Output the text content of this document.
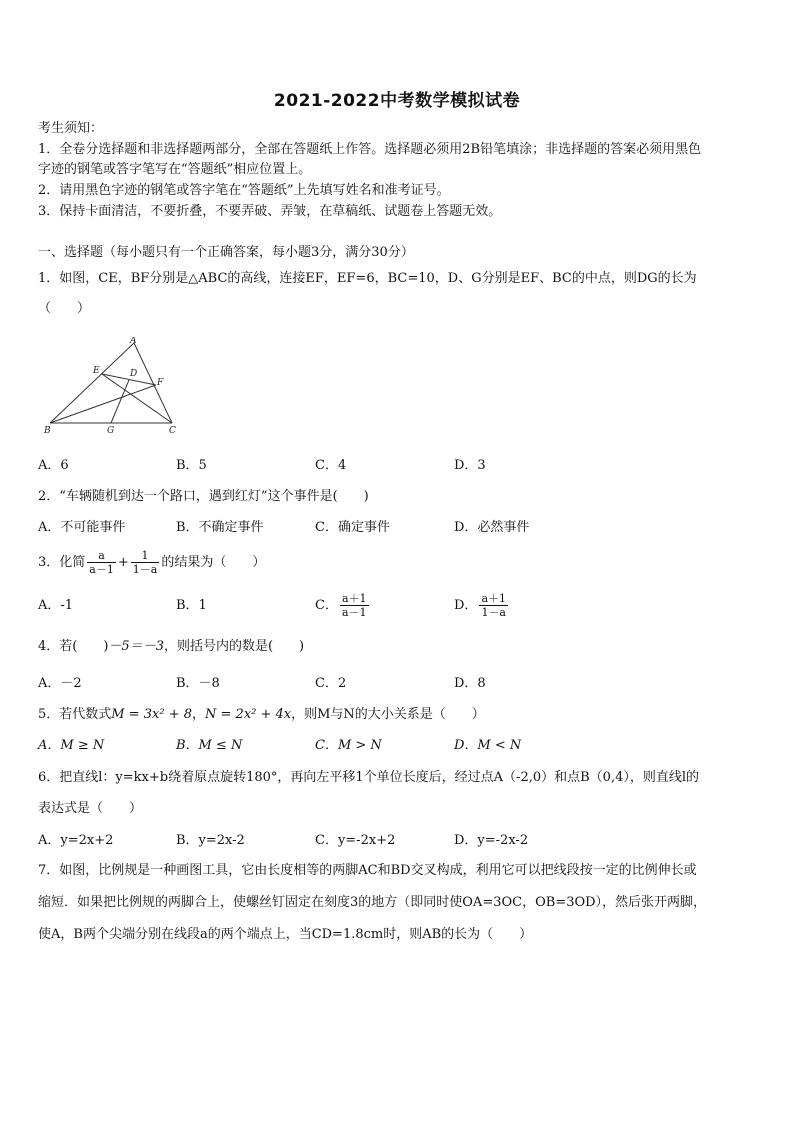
2021-2022中考数学模拟试卷
考生须知：
1．全卷分选择题和非选择题两部分，全部在答题纸上作答。选择题必须用2B铅笔填涂；非选择题的答案必须用黑色
字迹的钢笔或答字笔写在“答题纸”相应位置上。
2．请用黑色字迹的钢笔或答字笔在“答题纸”上先填写姓名和准考证号。
3．保持卡面清洁，不要折叠，不要弄破、弄皱，在草稿纸、试题卷上答题无效。
一、选择题（每小题只有一个正确答案，每小题3分，满分30分）
1．如图，CE，BF分别是△ABC的高线，连接EF，EF=6，BC=10，D、G分别是EF、BC的中点，则DG的长为
（　　）
A
B	C
D
E
F
G
A．6	B．5	C．4	D．3
2．“车辆随机到达一个路口，遇到红灯”这个事件是(　　)
A．不可能事件	B．不确定事件	C．确定事件	D．必然事件
3．化简 $\frac{a}{a-1} + \frac{1}{1-a}$ 的结果为（　　）
A．-1	B．1	C． $\frac{a+1}{a-1}$	D． $\frac{a+1}{1-a}$
4．若(　　)－5＝－3，则括号内的数是(　　)
A．－2	B．－8	C．2	D．8
5．若代数式M = 3x² + 8，N = 2x² + 4x，则M与N的大小关系是（　　）
A．M ≥ N	B．M ≤ N	C．M > N	D．M < N
6．把直线l：y=kx+b绕着原点旋转180°，再向左平移1个单位长度后，经过点A（-2,0）和点B（0,4），则直线l的
表达式是（　　）
A．y=2x+2	B．y=2x-2	C．y=-2x+2	D．y=-2x-2
7．如图，比例规是一种画图工具，它由长度相等的两脚AC和BD交叉构成，利用它可以把线段按一定的比例伸长或
缩短．如果把比例规的两脚合上，使螺丝钉固定在刻度3的地方（即同时使OA=3OC，OB=3OD），然后张开两脚，
使A，B两个尖端分别在线段a的两个端点上，当CD=1.8cm时，则AB的长为（　　）
